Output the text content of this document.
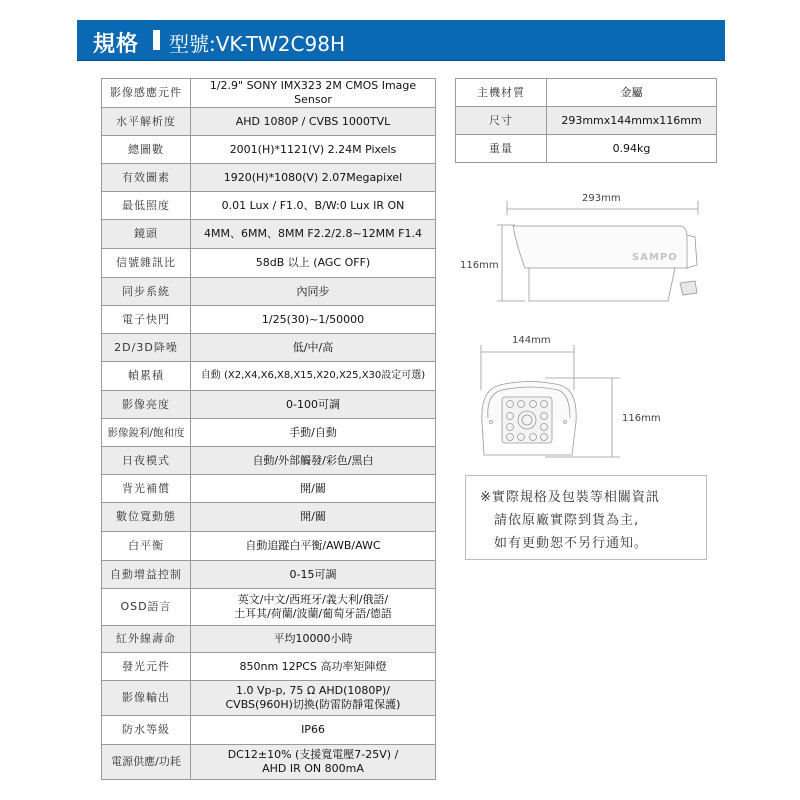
規格 型號:VK-TW2C98H
影像感應元件	1/2.9" SONY IMX323 2M CMOS Image Sensor
水平解析度	AHD 1080P / CVBS 1000TVL
總圖數	2001(H)*1121(V) 2.24M Pixels
有效圖素	1920(H)*1080(V) 2.07Megapixel
最低照度	0.01 Lux / F1.0、B/W:0 Lux IR ON
鏡頭	4MM、6MM、8MM F2.2/2.8~12MM F1.4
信號雜訊比	58dB 以上 (AGC OFF)
同步系統	內同步
電子快門	1/25(30)~1/50000
2D/3D降噪	低/中/高
幀累積	自動 (X2,X4,X6,X8,X15,X20,X25,X30設定可選)
影像亮度	0-100可調
影像銳利/飽和度	手動/自動
日夜模式	自動/外部觸發/彩色/黑白
背光補償	開/關
數位寬動態	開/關
白平衡	自動追蹤白平衡/AWB/AWC
自動增益控制	0-15可調
OSD語言	英文/中文/西班牙/義大利/俄語/
土耳其/荷蘭/波蘭/葡萄牙語/德語

紅外線壽命	平均10000小時
發光元件	850nm 12PCS 高功率矩陣燈
影像輸出	1.0 Vp-p, 75 Ω AHD(1080P)/
CVBS(960H)切換(防雷防靜電保護)

防水等級	IP66
電源供應/功耗	DC12±10% (支援寬電壓7-25V) /
AHD IR ON 800mA
主機材質	金屬
尺寸	293mmx144mmx116mm
重量	0.94kg
293mm
116mm
SAMPO
144mm
116mm
※實際規格及包裝等相關資訊
請依原廠實際到貨為主,
如有更動恕不另行通知。
